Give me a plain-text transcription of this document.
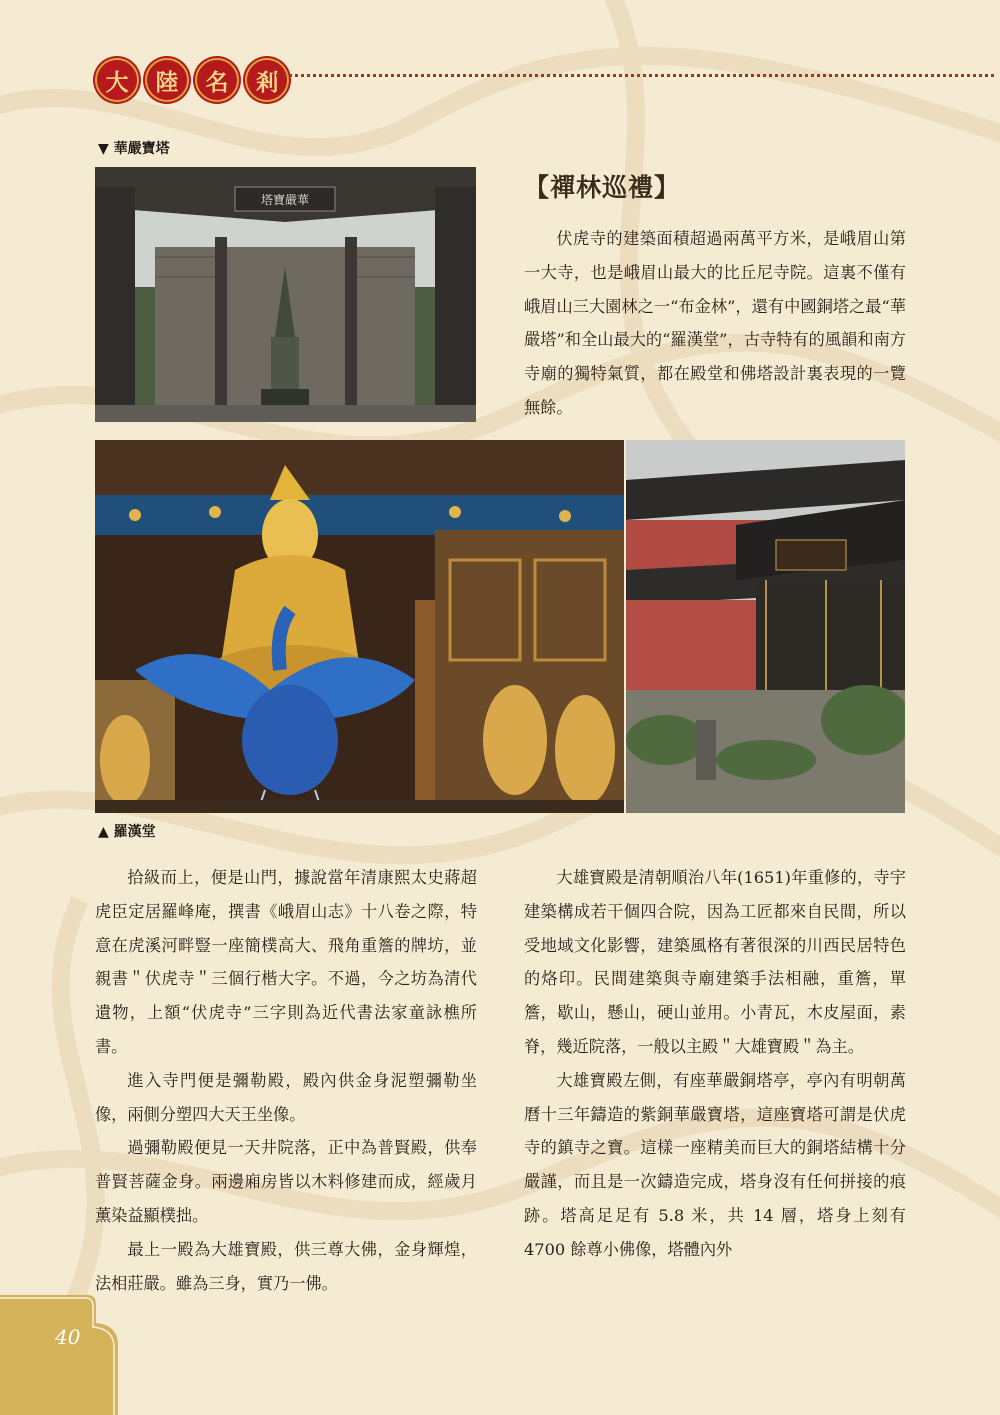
大	陸	名	剎
▼ 華嚴寶塔
塔寶嚴華	【禪林巡禮】

伏虎寺的建築面積超過兩萬平方米，是峨眉山第一大寺，也是峨眉山最大的比丘尼寺院。這裏不僅有峨眉山三大園林之一“布金林”，還有中國銅塔之最“華嚴塔”和全山最大的“羅漢堂”，古寺特有的風韻和南方寺廟的獨特氣質，都在殿堂和佛塔設計裏表現的一覽無餘。

▲ 羅漢堂

拾級而上，便是山門，據說當年清康熙太史蔣超虎臣定居羅峰庵，撰書《峨眉山志》十八卷之際，特意在虎溪河畔豎一座簡樸高大、飛角重簷的牌坊，並親書＂伏虎寺＂三個行楷大字。不過，今之坊為清代遺物，上額“伏虎寺”三字則為近代書法家童詠樵所書。

進入寺門便是彌勒殿，殿內供金身泥塑彌勒坐像，兩側分塑四大天王坐像。

過彌勒殿便見一天井院落，正中為普賢殿，供奉普賢菩薩金身。兩邊廂房皆以木料修建而成，經歲月薰染益顯樸拙。

最上一殿為大雄寶殿，供三尊大佛，金身輝煌，法相莊嚴。雖為三身，實乃一佛。

大雄寶殿是清朝順治八年(1651)年重修的，寺宇建築構成若干個四合院，因為工匠都來自民間，所以受地域文化影響，建築風格有著很深的川西民居特色的烙印。民間建築與寺廟建築手法相融，重簷，單簷，歇山，懸山，硬山並用。小青瓦，木皮屋面，素脊，幾近院落，一般以主殿＂大雄寶殿＂為主。

大雄寶殿左側，有座華嚴銅塔亭，亭內有明朝萬曆十三年鑄造的紫銅華嚴寶塔，這座寶塔可謂是伏虎寺的鎮寺之寶。這樣一座精美而巨大的銅塔結構十分嚴謹，而且是一次鑄造完成，塔身沒有任何拼接的痕跡。塔高足足有 5.8 米，共 14 層，塔身上刻有 4700 餘尊小佛像，塔體內外

40
